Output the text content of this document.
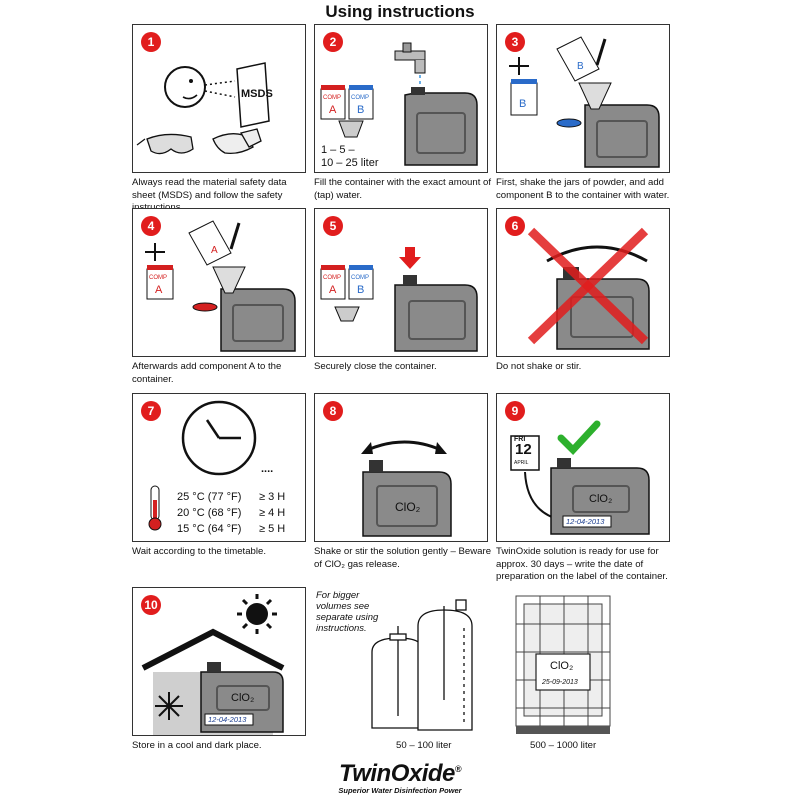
Using instructions
1
MSDS
Always read the material safety data sheet (MSDS) and follow the safety
2
COMP
A
COMP
B
1 – 5 –
10 – 25 liter
Fill the container with the exact amount of (tap) water.
3
B
B
First, shake the jars of powder, and add component B to the container with water.
4
COMP
A
A
Afterwards add component A to the container.
5
COMP
A
COMP
B
Securely close the container.
6
Do not shake or stir.
7
....
25 °C (77 °F) ≥ 3 H
20 °C (68 °F) ≥ 4 H
15 °C (64 °F) ≥ 5 H
Wait according to the timetable.
8
ClO₂
Shake or stir the solution gently – Beware of ClO₂ gas release.
9
FRI
12
APRIL
ClO₂
12-04-2013
TwinOxide solution is ready for use for approx. 30 days – write the date of preparation on the label of the container.
10
ClO₂
12-04-2013
Store in a cool and dark place.
For bigger volumes see separate using instructions.
50 – 100 liter
ClO₂
25-09-2013
500 – 1000 liter
TwinOxide®
Superior Water Disinfection Power
